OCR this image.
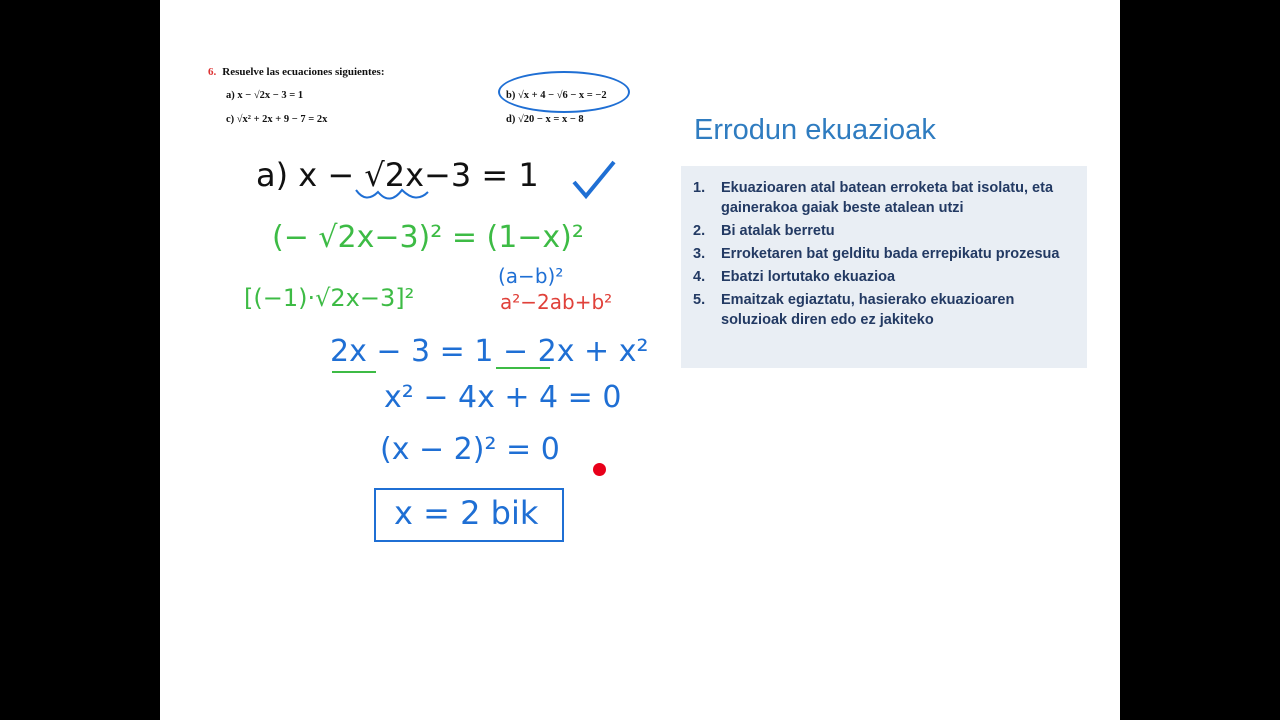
6. Resuelve las ecuaciones siguientes:
a) x − √2x − 3 = 1	b) √x + 4 − √6 − x = −2
c) √x² + 2x + 9 − 7 = 2x	d) √20 − x = x − 8
a) x − √2x−3 = 1
(− √2x−3)² = (1−x)²
[(−1)·√2x−3]²
(a−b)²
a²−2ab+b²
2x − 3 = 1 − 2x + x²
x² − 4x + 4 = 0
(x − 2)² = 0
x = 2 bik
Errodun ekuazioak
1.	Ekuazioaren atal batean erroketa bat isolatu, eta gainerakoa gaiak beste atalean utzi
2.	Bi atalak berretu
3.	Erroketaren bat gelditu bada errepikatu prozesua
4.	Ebatzi lortutako ekuazioa
5.	Emaitzak egiaztatu, hasierako ekuazioaren soluzioak diren edo ez jakiteko
